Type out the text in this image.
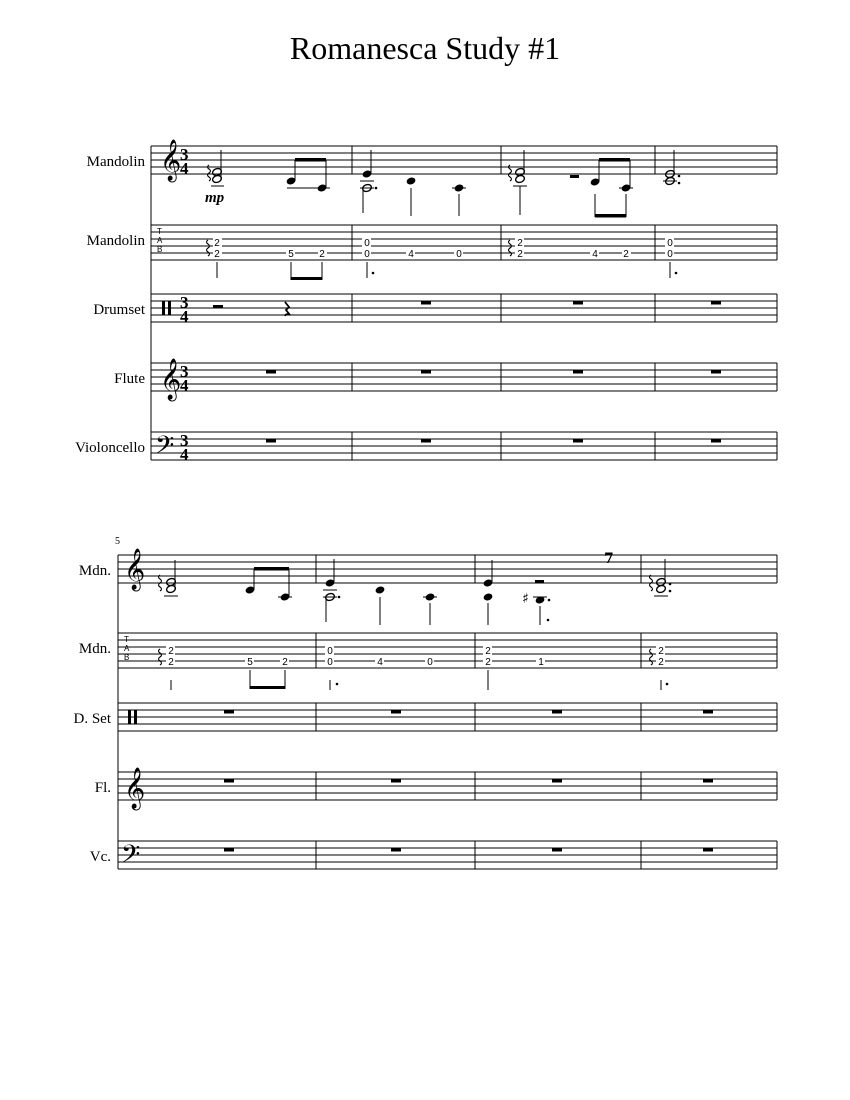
Romanesca Study #1
Mandolin
Mandolin
Drumset
Flute
Violoncello
𝄞
T
A
B
𝄞
𝄢
3
4
3
4
3
4
3
4
mp
2
2	5	2
0
0	4	0
2
2	4	2
0
0
5
Mdn.
Mdn.
D. Set
Fl.
Vc.
𝄞
T
A
B
𝄞
𝄢
♯
7
2
2	5	2
0
0	4	0
2
2	1
2
2
